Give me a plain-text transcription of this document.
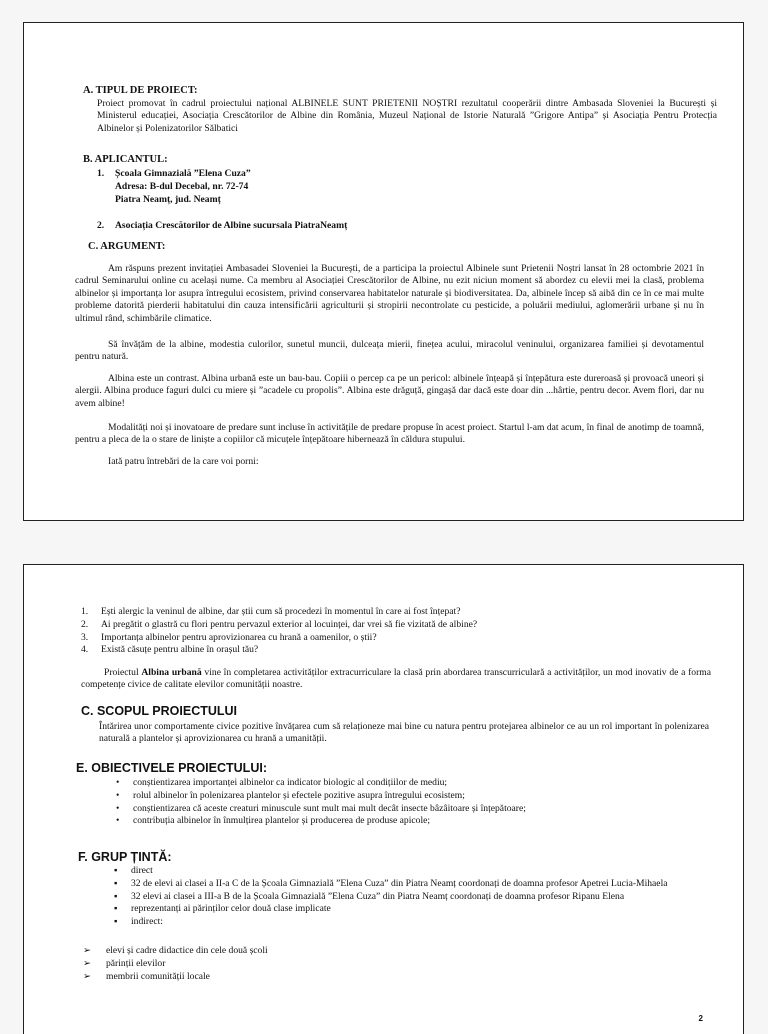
A. TIPUL DE PROIECT:

Proiect promovat în cadrul proiectului național ALBINELE SUNT PRIETENII NOȘTRI rezultatul cooperării dintre Ambasada Sloveniei la București și Ministerul educației, Asociația Crescătorilor de Albine din România, Muzeul Național de Istorie Naturală ”Grigore Antipa” și Asociația Pentru Protecția Albinelor și Polenizatorilor Sălbatici

B. APLICANTUL:

1. Școala Gimnazială ”Elena Cuza”
Adresa: B-dul Decebal, nr. 72-74
Piatra Neamț, jud. Neamț
2. Asociația Crescătorilor de Albine sucursala PiatraNeamț

C. ARGUMENT:

Am răspuns prezent invitației Ambasadei Sloveniei la București, de a participa la proiectul Albinele sunt Prietenii Noștri lansat în 28 octombrie 2021 în cadrul Seminarului online cu același nume. Ca membru al Asociației Crescătorilor de Albine, nu ezit niciun moment să abordez cu elevii mei la clasă, problema albinelor și importanța lor asupra întregului ecosistem, privind conservarea habitatelor naturale și biodiversitatea. Da, albinele încep să aibă din ce în ce mai multe probleme datorită pierderii habitatului din cauza intensificării agriculturii și stropirii necontrolate cu pesticide, a poluării mediului, aglomerării urbane și nu în ultimul rând, schimbările climatice.

Să învățăm de la albine, modestia culorilor, sunetul muncii, dulceața mierii, finețea acului, miracolul veninului, organizarea familiei și devotamentul pentru natură.

Albina este un contrast. Albina urbană este un bau-bau. Copiii o percep ca pe un pericol: albinele înțeapă și înțepătura este dureroasă și provoacă uneori și alergii. Albina produce faguri dulci cu miere și ”acadele cu propolis”. Albina este drăguță, gingașă dar dacă este doar din ...hârtie, pentru decor. Avem flori, dar nu avem albine!

Modalități noi și inovatoare de predare sunt incluse în activitățile de predare propuse în acest proiect. Startul l-am dat acum, în final de anotimp de toamnă, pentru a pleca de la o stare de liniște a copiilor că micuțele înțepătoare hibernează în căldura stupului.

Iată patru întrebări de la care voi porni:

1. Ești alergic la veninul de albine, dar știi cum să procedezi în momentul în care ai fost înțepat?
2. Ai pregătit o glastră cu flori pentru pervazul exterior al locuinței, dar vrei să fie vizitată de albine?
3. Importanța albinelor pentru aprovizionarea cu hrană a oamenilor, o știi?
4. Există căsuțe pentru albine în orașul tău?

Proiectul Albina urbană vine în completarea activităților extracurriculare la clasă prin abordarea transcurriculară a activităților, un mod inovativ de a forma competențe civice de calitate elevilor comunității noastre.

C. SCOPUL PROIECTULUI

Întărirea unor comportamente civice pozitive învățarea cum să relaționeze mai bine cu natura pentru protejarea albinelor ce au un rol important în polenizarea naturală a plantelor și aprovizionarea cu hrană a umanității.

E. OBIECTIVELE PROIECTULUI:

• conștientizarea importanței albinelor ca indicator biologic al condițiilor de mediu;
• rolul albinelor în polenizarea plantelor și efectele pozitive asupra întregului ecosistem;
• conștientizarea că aceste creaturi minuscule sunt mult mai mult decât insecte bâzâitoare și înțepătoare;
• contribuția albinelor în înmulțirea plantelor și producerea de produse apicole;

F. GRUP ȚINTĂ:

▪ direct
▪ 32 de elevi ai clasei a II-a C de la Școala Gimnazială ”Elena Cuza” din Piatra Neamț coordonați de doamna profesor Apetrei Lucia-Mihaela
▪ 32 elevi ai clasei a III-a B de la Școala Gimnazială ”Elena Cuza” din Piatra Neamț coordonați de doamna profesor Ripanu Elena
▪ reprezentanți ai părinților celor două clase implicate
▪ indirect:
➢ elevi și cadre didactice din cele două școli
➢ părinții elevilor
➢ membrii comunității locale
2
